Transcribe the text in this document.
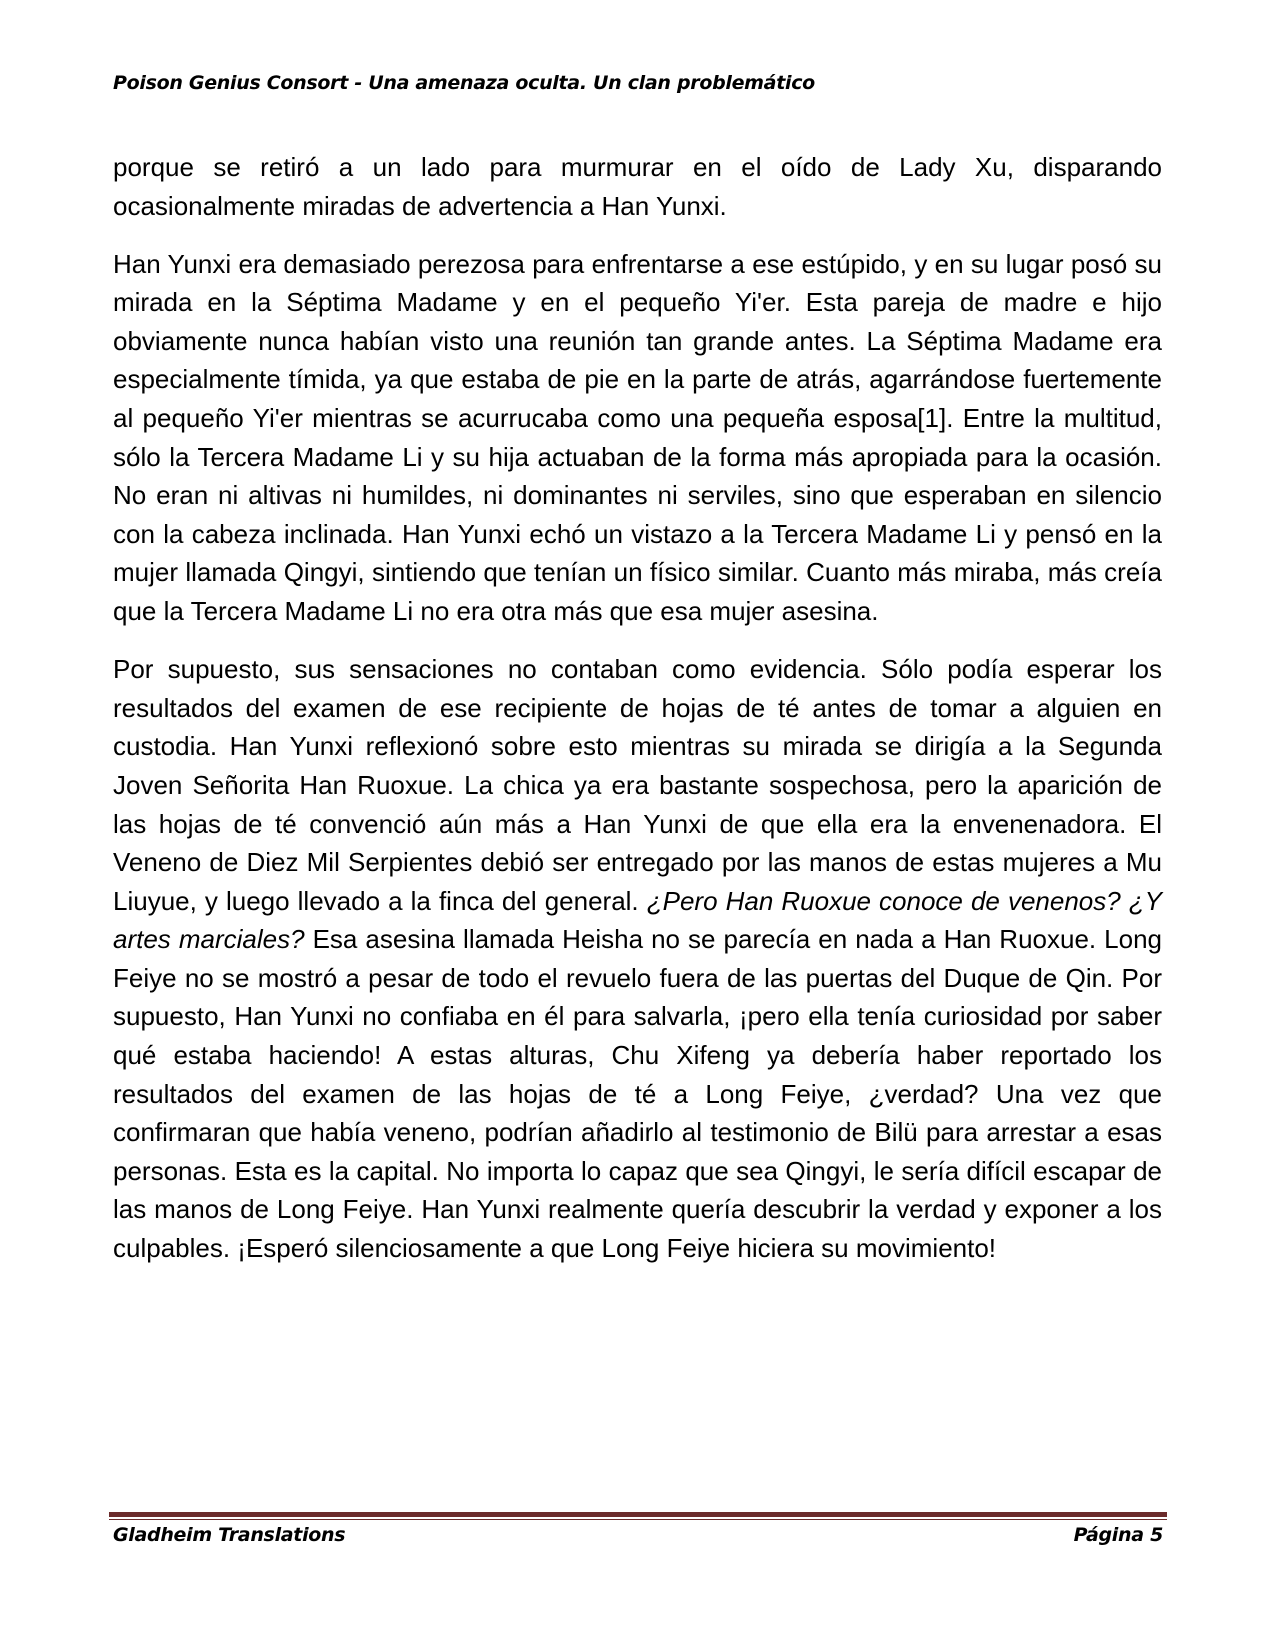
Poison Genius Consort - Una amenaza oculta. Un clan problemático

porque se retiró a un lado para murmurar en el oído de Lady Xu, disparando ocasionalmente miradas de advertencia a Han Yunxi.

Han Yunxi era demasiado perezosa para enfrentarse a ese estúpido, y en su lugar posó su mirada en la Séptima Madame y en el pequeño Yi'er. Esta pareja de madre e hijo obviamente nunca habían visto una reunión tan grande antes. La Séptima Madame era especialmente tímida, ya que estaba de pie en la parte de atrás, agarrándose fuertemente al pequeño Yi'er mientras se acurrucaba como una pequeña esposa[1]. Entre la multitud, sólo la Tercera Madame Li y su hija actuaban de la forma más apropiada para la ocasión. No eran ni altivas ni humildes, ni dominantes ni serviles, sino que esperaban en silencio con la cabeza inclinada. Han Yunxi echó un vistazo a la Tercera Madame Li y pensó en la mujer llamada Qingyi, sintiendo que tenían un físico similar. Cuanto más miraba, más creía que la Tercera Madame Li no era otra más que esa mujer asesina.

Por supuesto, sus sensaciones no contaban como evidencia. Sólo podía esperar los resultados del examen de ese recipiente de hojas de té antes de tomar a alguien en custodia. Han Yunxi reflexionó sobre esto mientras su mirada se dirigía a la Segunda Joven Señorita Han Ruoxue. La chica ya era bastante sospechosa, pero la aparición de las hojas de té convenció aún más a Han Yunxi de que ella era la envenenadora. El Veneno de Diez Mil Serpientes debió ser entregado por las manos de estas mujeres a Mu Liuyue, y luego llevado a la finca del general. ¿Pero Han Ruoxue conoce de venenos? ¿Y artes marciales? Esa asesina llamada Heisha no se parecía en nada a Han Ruoxue. Long Feiye no se mostró a pesar de todo el revuelo fuera de las puertas del Duque de Qin. Por supuesto, Han Yunxi no confiaba en él para salvarla, ¡pero ella tenía curiosidad por saber qué estaba haciendo! A estas alturas, Chu Xifeng ya debería haber reportado los resultados del examen de las hojas de té a Long Feiye, ¿verdad? Una vez que confirmaran que había veneno, podrían añadirlo al testimonio de Bilü para arrestar a esas personas. Esta es la capital. No importa lo capaz que sea Qingyi, le sería difícil escapar de las manos de Long Feiye. Han Yunxi realmente quería descubrir la verdad y exponer a los culpables. ¡Esperó silenciosamente a que Long Feiye hiciera su movimiento!

Gladheim Translations	Página 5
